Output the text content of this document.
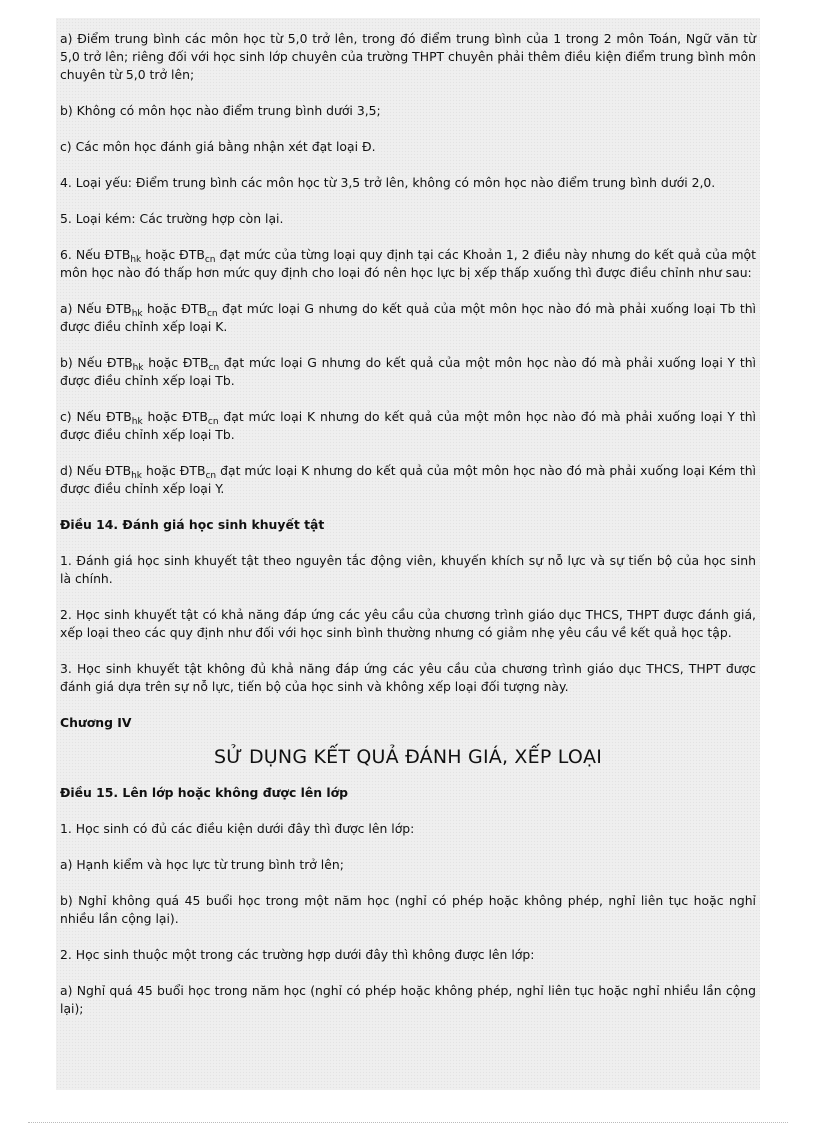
a) Điểm trung bình các môn học từ 5,0 trở lên, trong đó điểm trung bình của 1 trong 2 môn Toán, Ngữ văn từ 5,0 trở lên; riêng đối với học sinh lớp chuyên của trường THPT chuyên phải thêm điều kiện điểm trung bình môn chuyên từ 5,0 trở lên;

b) Không có môn học nào điểm trung bình dưới 3,5;

c) Các môn học đánh giá bằng nhận xét đạt loại Đ.

4. Loại yếu: Điểm trung bình các môn học từ 3,5 trở lên, không có môn học nào điểm trung bình dưới 2,0.

5. Loại kém: Các trường hợp còn lại.

6. Nếu $ĐTB_{hk}$ hoặc $ĐTB_{cn}$ đạt mức của từng loại quy định tại các Khoản 1, 2 điều này nhưng do kết quả của một môn học nào đó thấp hơn mức quy định cho loại đó nên học lực bị xếp thấp xuống thì được điều chỉnh như sau:

a) Nếu $ĐTB_{hk}$ hoặc $ĐTB_{cn}$ đạt mức loại G nhưng do kết quả của một môn học nào đó mà phải xuống loại Tb thì được điều chỉnh xếp loại K.

b) Nếu $ĐTB_{hk}$ hoặc $ĐTB_{cn}$ đạt mức loại G nhưng do kết quả của một môn học nào đó mà phải xuống loại Y thì được điều chỉnh xếp loại Tb.

c) Nếu $ĐTB_{hk}$ hoặc $ĐTB_{cn}$ đạt mức loại K nhưng do kết quả của một môn học nào đó mà phải xuống loại Y thì được điều chỉnh xếp loại Tb.

d) Nếu $ĐTB_{hk}$ hoặc $ĐTB_{cn}$ đạt mức loại K nhưng do kết quả của một môn học nào đó mà phải xuống loại Kém thì được điều chỉnh xếp loại Y.

Điều 14. Đánh giá học sinh khuyết tật

1. Đánh giá học sinh khuyết tật theo nguyên tắc động viên, khuyến khích sự nỗ lực và sự tiến bộ của học sinh là chính.

2. Học sinh khuyết tật có khả năng đáp ứng các yêu cầu của chương trình giáo dục THCS, THPT được đánh giá, xếp loại theo các quy định như đối với học sinh bình thường nhưng có giảm nhẹ yêu cầu về kết quả học tập.

3. Học sinh khuyết tật không đủ khả năng đáp ứng các yêu cầu của chương trình giáo dục THCS, THPT được đánh giá dựa trên sự nỗ lực, tiến bộ của học sinh và không xếp loại đối tượng này.

Chương IV

SỬ DỤNG KẾT QUẢ ĐÁNH GIÁ, XẾP LOẠI

Điều 15. Lên lớp hoặc không được lên lớp

1. Học sinh có đủ các điều kiện dưới đây thì được lên lớp:

a) Hạnh kiểm và học lực từ trung bình trở lên;

b) Nghỉ không quá 45 buổi học trong một năm học (nghỉ có phép hoặc không phép, nghỉ liên tục hoặc nghỉ nhiều lần cộng lại).

2. Học sinh thuộc một trong các trường hợp dưới đây thì không được lên lớp:

a) Nghỉ quá 45 buổi học trong năm học (nghỉ có phép hoặc không phép, nghỉ liên tục hoặc nghỉ nhiều lần cộng lại);
